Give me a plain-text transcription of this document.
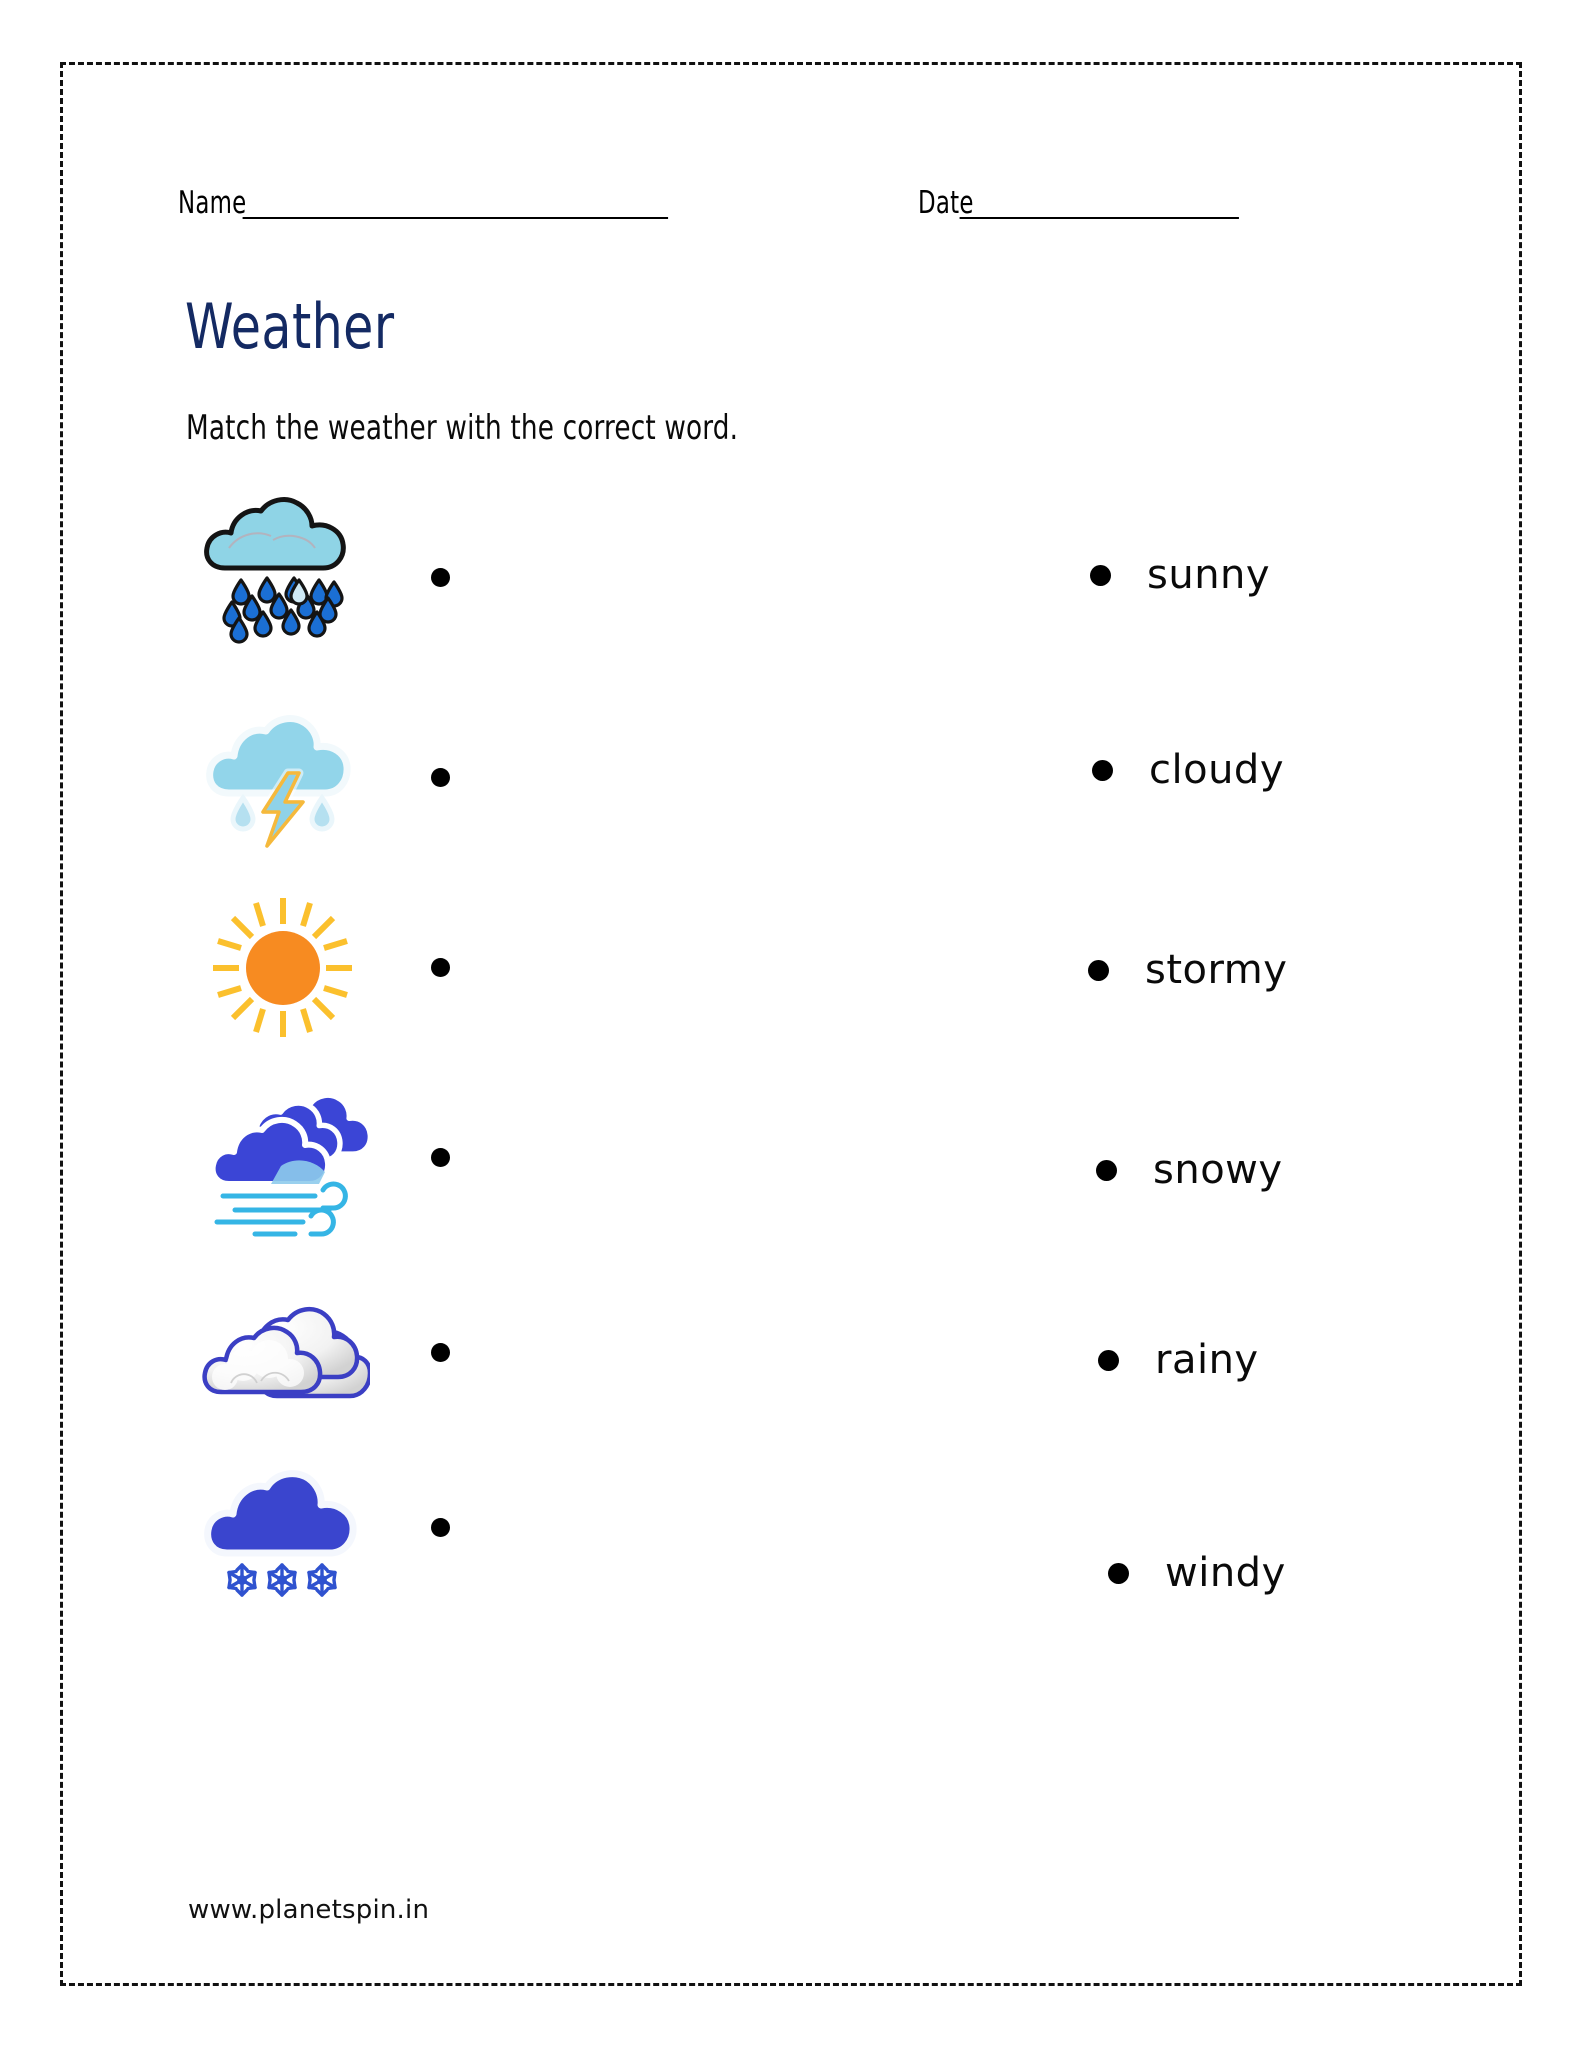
Name
_____________________________	Date
___________________
Weather
Match the weather with the correct word.
sunny
cloudy
stormy
snowy
rainy
windy
www.planetspin.in
